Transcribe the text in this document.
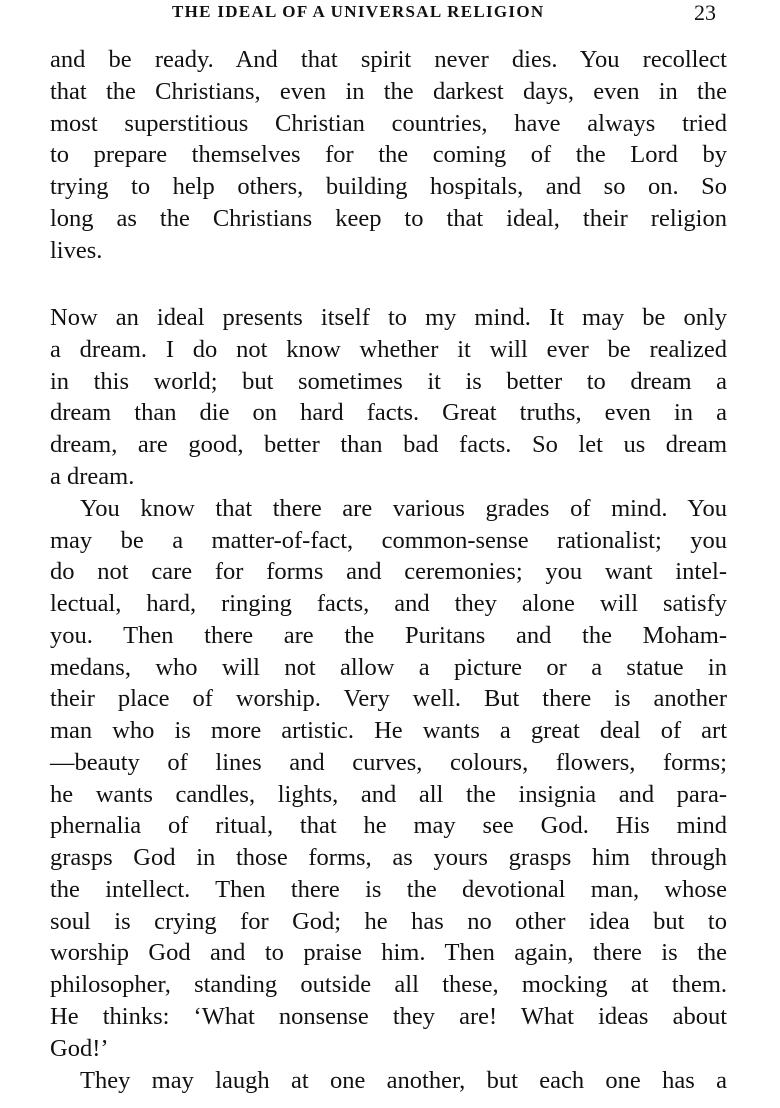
THE IDEAL OF A UNIVERSAL RELIGION	23
and be ready. And that spirit never dies. You recollect
that the Christians, even in the darkest days, even in the
most superstitious Christian countries, have always tried
to prepare themselves for the coming of the Lord by
trying to help others, building hospitals, and so on. So
long as the Christians keep to that ideal, their religion
lives.
Now an ideal presents itself to my mind. It may be only
a dream. I do not know whether it will ever be realized
in this world; but sometimes it is better to dream a
dream than die on hard facts. Great truths, even in a
dream, are good, better than bad facts. So let us dream
a dream.
You know that there are various grades of mind. You
may be a matter-of-fact, common-sense rationalist; you
do not care for forms and ceremonies; you want intel-
lectual, hard, ringing facts, and they alone will satisfy
you. Then there are the Puritans and the Moham-
medans, who will not allow a picture or a statue in
their place of worship. Very well. But there is another
man who is more artistic. He wants a great deal of art
—beauty of lines and curves, colours, flowers, forms;
he wants candles, lights, and all the insignia and para-
phernalia of ritual, that he may see God. His mind
grasps God in those forms, as yours grasps him through
the intellect. Then there is the devotional man, whose
soul is crying for God; he has no other idea but to
worship God and to praise him. Then again, there is the
philosopher, standing outside all these, mocking at them.
He thinks: ‘What nonsense they are! What ideas about
God!’
They may laugh at one another, but each one has a
